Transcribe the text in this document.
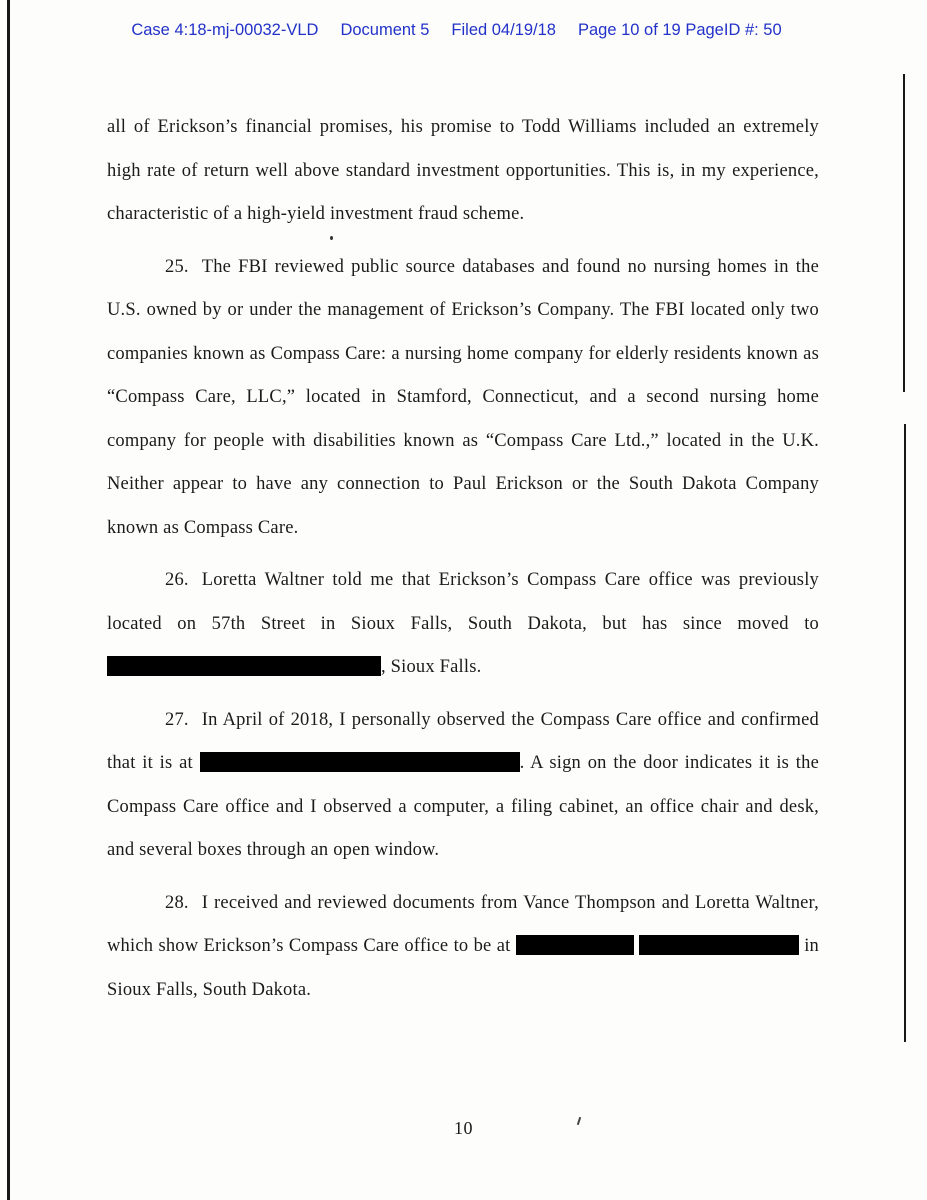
Case 4:18-mj-00032-VLD Document 5 Filed 04/19/18 Page 10 of 19 PageID #: 50

all of Erickson’s financial promises, his promise to Todd Williams included an extremely high rate of return well above standard investment opportunities. This is, in my experience, characteristic of a high-yield investment fraud scheme.

25. The FBI reviewed public source databases and found no nursing homes in the U.S. owned by or under the management of Erickson’s Company. The FBI located only two companies known as Compass Care: a nursing home company for elderly residents known as “Compass Care, LLC,” located in Stamford, Connecticut, and a second nursing home company for people with disabilities known as “Compass Care Ltd.,” located in the U.K. Neither appear to have any connection to Paul Erickson or the South Dakota Company known as Compass Care.

26. Loretta Waltner told me that Erickson’s Compass Care office was previously located on 57th Street in Sioux Falls, South Dakota, but has since moved to , Sioux Falls.

27. In April of 2018, I personally observed the Compass Care office and confirmed that it is at	. A sign on the door indicates it is the Compass Care office and I observed a computer, a filing cabinet, an office chair and desk, and several boxes through an open window.

28. I received and reviewed documents from Vance Thompson and Loretta Waltner, which show Erickson’s Compass Care office to be at	in Sioux Falls, South Dakota.

10
